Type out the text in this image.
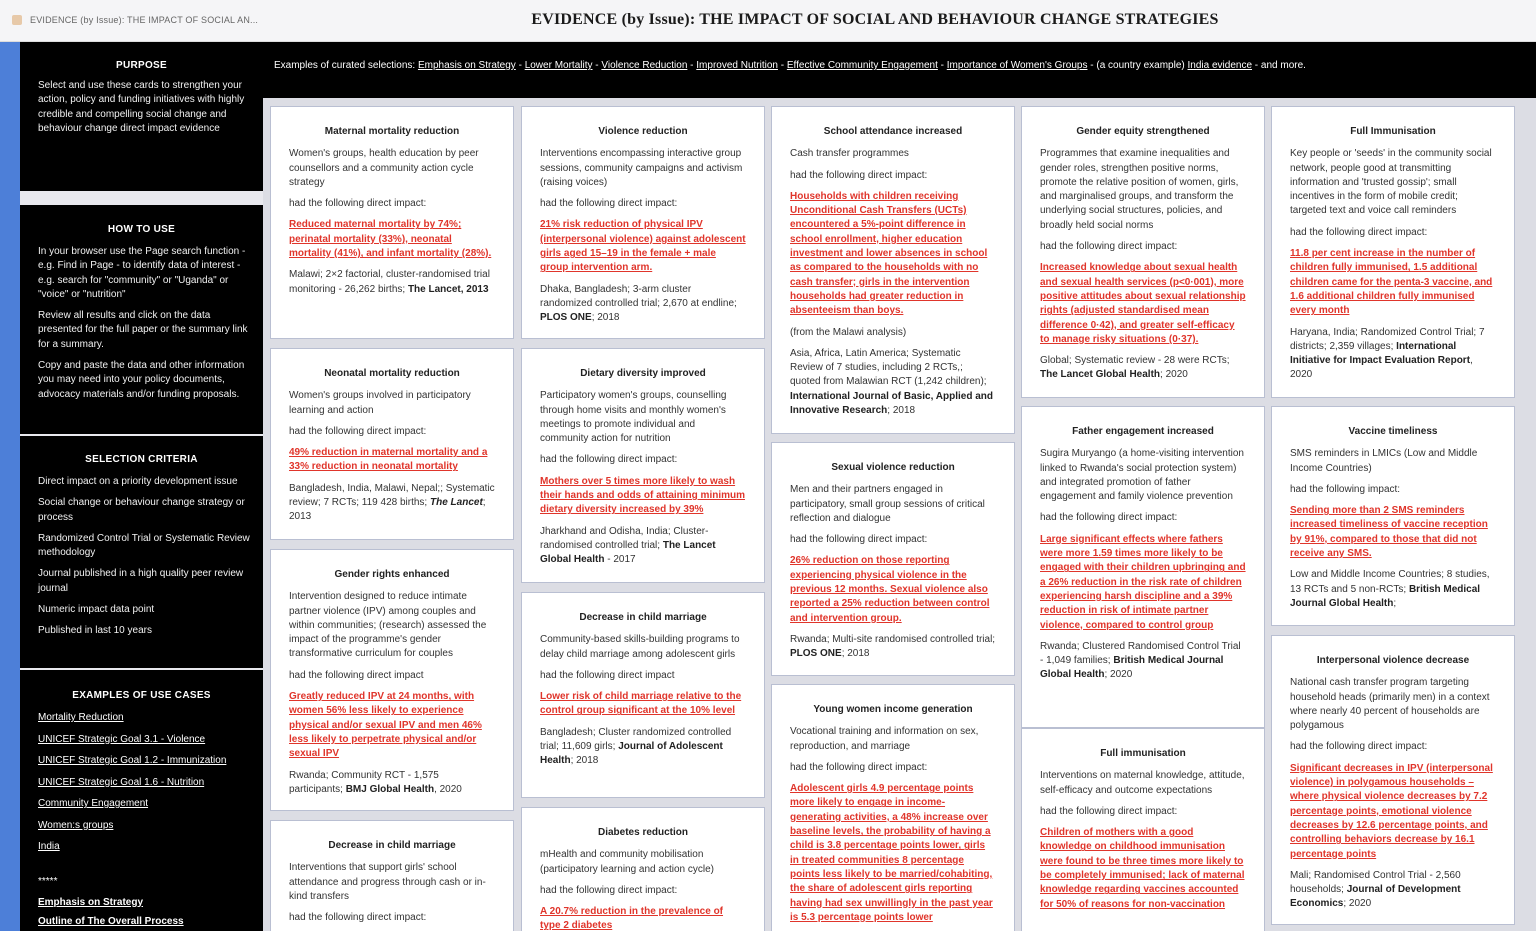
EVIDENCE (by Issue): THE IMPACT OF SOCIAL AN...	EVIDENCE (by Issue): THE IMPACT OF SOCIAL AND BEHAVIOUR CHANGE STRATEGIES
Examples of curated selections: Emphasis on Strategy - Lower Mortality - Violence Reduction - Improved Nutrition - Effective Community Engagement - Importance of Women's Groups - (a country example) India evidence - and more.
PURPOSE

Select and use these cards to strengthen your action, policy and funding initiatives with highly credible and compelling social change and behaviour change direct impact evidence

HOW TO USE

In your browser use the Page search function - e.g. Find in Page - to identify data of interest - e.g. search for "community" or "Uganda" or "voice" or "nutrition"

Review all results and click on the data presented for the full paper or the summary link for a summary.

Copy and paste the data and other information you may need into your policy documents, advocacy materials and/or funding proposals.

SELECTION CRITERIA

Direct impact on a priority development issue

Social change or behaviour change strategy or process

Randomized Control Trial or Systematic Review methodology

Journal published in a high quality peer review journal

Numeric impact data point

Published in last 10 years

EXAMPLES OF USE CASES
Mortality Reduction
UNICEF Strategic Goal 3.1 - Violence
UNICEF Strategic Goal 1.2 - Immunization
UNICEF Strategic Goal 1.6 - Nutrition
Community Engagement
Women:s groups
India
*****
Emphasis on Strategy
Outline of The Overall Process
Maternal mortality reduction

Women's groups, health education by peer counsellors and a community action cycle strategy

had the following direct impact:

Reduced maternal mortality by 74%; perinatal mortality (33%), neonatal mortality (41%), and infant mortality (28%).

Malawi; 2×2 factorial, cluster-randomised trial monitoring - 26,262 births; The Lancet, 2013

Neonatal mortality reduction

Women's groups involved in participatory learning and action

had the following direct impact:

49% reduction in maternal mortality and a 33% reduction in neonatal mortality

Bangladesh, India, Malawi, Nepal;; Systematic review; 7 RCTs; 119 428 births; The Lancet; 2013

Gender rights enhanced

Intervention designed to reduce intimate partner violence (IPV) among couples and within communities; (research) assessed the impact of the programme's gender transformative curriculum for couples

had the following direct impact

Greatly reduced IPV at 24 months, with women 56% less likely to experience physical and/or sexual IPV and men 46% less likely to perpetrate physical and/or sexual IPV

Rwanda; Community RCT - 1,575 participants; BMJ Global Health, 2020

Decrease in child marriage

Interventions that support girls' school attendance and progress through cash or in-kind transfers

had the following direct impact:

Violence reduction

Interventions encompassing interactive group sessions, community campaigns and activism (raising voices)

had the following direct impact:

21% risk reduction of physical IPV (interpersonal violence) against adolescent girls aged 15–19 in the female + male group intervention arm.

Dhaka, Bangladesh; 3-arm cluster randomized controlled trial; 2,670 at endline; PLOS ONE; 2018

Dietary diversity improved

Participatory women's groups, counselling through home visits and monthly women's meetings to promote individual and community action for nutrition

had the following direct impact:

Mothers over 5 times more likely to wash their hands and odds of attaining minimum dietary diversity increased by 39%

Jharkhand and Odisha, India; Cluster-randomised controlled trial; The Lancet Global Health - 2017

Decrease in child marriage

Community-based skills-building programs to delay child marriage among adolescent girls

had the following direct impact

Lower risk of child marriage relative to the control group significant at the 10% level

Bangladesh; Cluster randomized controlled trial; 11,609 girls; Journal of Adolescent Health; 2018

Diabetes reduction

mHealth and community mobilisation (participatory learning and action cycle)

had the following direct impact:

A 20.7% reduction in the prevalence of type 2 diabetes

School attendance increased

Cash transfer programmes

had the following direct impact:

Households with children receiving Unconditional Cash Transfers (UCTs) encountered a 5%-point difference in school enrollment, higher education investment and lower absences in school as compared to the households with no cash transfer; girls in the intervention households had greater reduction in absenteeism than boys.

(from the Malawi analysis)

Asia, Africa, Latin America; Systematic Review of 7 studies, including 2 RCTs,; quoted from Malawian RCT (1,242 children); International Journal of Basic, Applied and Innovative Research; 2018

Sexual violence reduction

Men and their partners engaged in participatory, small group sessions of critical reflection and dialogue

had the following direct impact:

26% reduction on those reporting experiencing physical violence in the previous 12 months. Sexual violence also reported a 25% reduction between control and intervention group.

Rwanda; Multi-site randomised controlled trial; PLOS ONE; 2018

Young women income generation

Vocational training and information on sex, reproduction, and marriage

had the following direct impact:

Adolescent girls 4.9 percentage points more likely to engage in income-generating activities, a 48% increase over baseline levels, the probability of having a child is 3.8 percentage points lower, girls in treated communities 8 percentage points less likely to be married/cohabiting, the share of adolescent girls reporting having had sex unwillingly in the past year is 5.3 percentage points lower

Gender equity strengthened

Programmes that examine inequalities and gender roles, strengthen positive norms, promote the relative position of women, girls, and marginalised groups, and transform the underlying social structures, policies, and broadly held social norms

had the following direct impact:

Increased knowledge about sexual health and sexual health services (p<0·001), more positive attitudes about sexual relationship rights (adjusted standardised mean difference 0·42), and greater self-efficacy to manage risky situations (0·37).

Global; Systematic review - 28 were RCTs; The Lancet Global Health; 2020

Father engagement increased

Sugira Muryango (a home-visiting intervention linked to Rwanda's social protection system) and integrated promotion of father engagement and family violence prevention

had the following direct impact:

Large significant effects where fathers were more 1.59 times more likely to be engaged with their children upbringing and a 26% reduction in the risk rate of children experiencing harsh discipline and a 39% reduction in risk of intimate partner violence, compared to control group

Rwanda; Clustered Randomised Control Trial - 1,049 families; British Medical Journal Global Health; 2020

Full immunisation

Interventions on maternal knowledge, attitude, self-efficacy and outcome expectations

had the following direct impact:

Children of mothers with a good knowledge on childhood immunisation were found to be three times more likely to be completely immunised; lack of maternal knowledge regarding vaccines accounted for 50% of reasons for non-vaccination

Full Immunisation

Key people or 'seeds' in the community social network, people good at transmitting information and 'trusted gossip'; small incentives in the form of mobile credit; targeted text and voice call reminders

had the following direct impact:

11.8 per cent increase in the number of children fully immunised, 1.5 additional children came for the penta-3 vaccine, and 1.6 additional children fully immunised every month

Haryana, India; Randomized Control Trial; 7 districts; 2,359 villages; International Initiative for Impact Evaluation Report, 2020

Vaccine timeliness

SMS reminders in LMICs (Low and Middle Income Countries)

had the following impact:

Sending more than 2 SMS reminders increased timeliness of vaccine reception by 91%, compared to those that did not receive any SMS.

Low and Middle Income Countries; 8 studies, 13 RCTs and 5 non-RCTs; British Medical Journal Global Health;

Interpersonal violence decrease

National cash transfer program targeting household heads (primarily men) in a context where nearly 40 percent of households are polygamous

had the following direct impact:

Significant decreases in IPV (interpersonal violence) in polygamous households – where physical violence decreases by 7.2 percentage points, emotional violence decreases by 12.6 percentage points, and controlling behaviors decrease by 16.1 percentage points

Mali; Randomised Control Trial - 2,560 households; Journal of Development Economics; 2020
